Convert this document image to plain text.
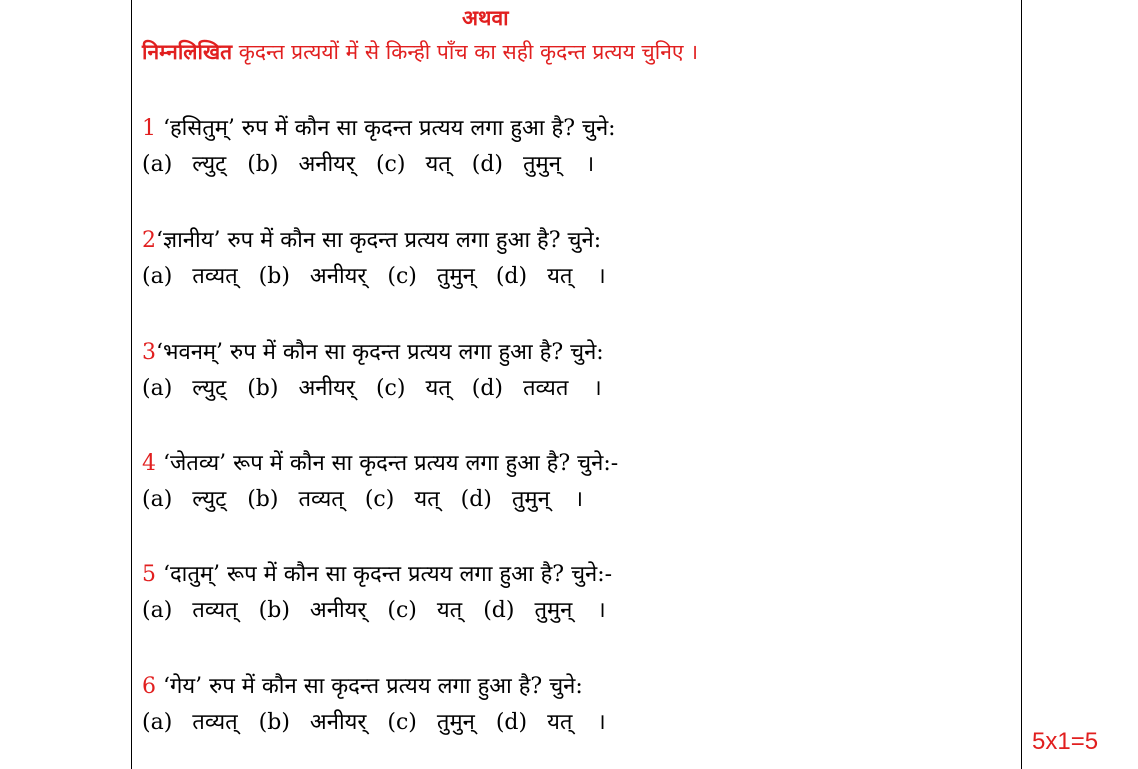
अथवा
निम्नलिखित कृदन्त प्रत्ययों में से किन्ही पाँच का सही कृदन्त प्रत्यय चुनिए ।
1 ‘हसितुम्’ रुप में कौन सा कृदन्त प्रत्यय लगा हुआ है? चुने:
(a) ल्युट् (b) अनीयर् (c) यत् (d) तुमुन् ।
2‘ज्ञानीय’ रुप में कौन सा कृदन्त प्रत्यय लगा हुआ है? चुने:
(a) तव्यत् (b) अनीयर् (c) तुमुन् (d) यत् ।
3‘भवनम्’ रुप में कौन सा कृदन्त प्रत्यय लगा हुआ है? चुने:
(a) ल्युट् (b) अनीयर् (c) यत् (d) तव्यत ।
4 ‘जेतव्य’ रूप में कौन सा कृदन्त प्रत्यय लगा हुआ है? चुने:-
(a) ल्युट् (b) तव्यत् (c) यत् (d) तुमुन् ।
5 ‘दातुम्’ रूप में कौन सा कृदन्त प्रत्यय लगा हुआ है? चुने:-
(a) तव्यत् (b) अनीयर् (c) यत् (d) तुमुन् ।
6 ‘गेय’ रुप में कौन सा कृदन्त प्रत्यय लगा हुआ है? चुने:
(a) तव्यत् (b) अनीयर् (c) तुमुन् (d) यत् ।
5x1=5
